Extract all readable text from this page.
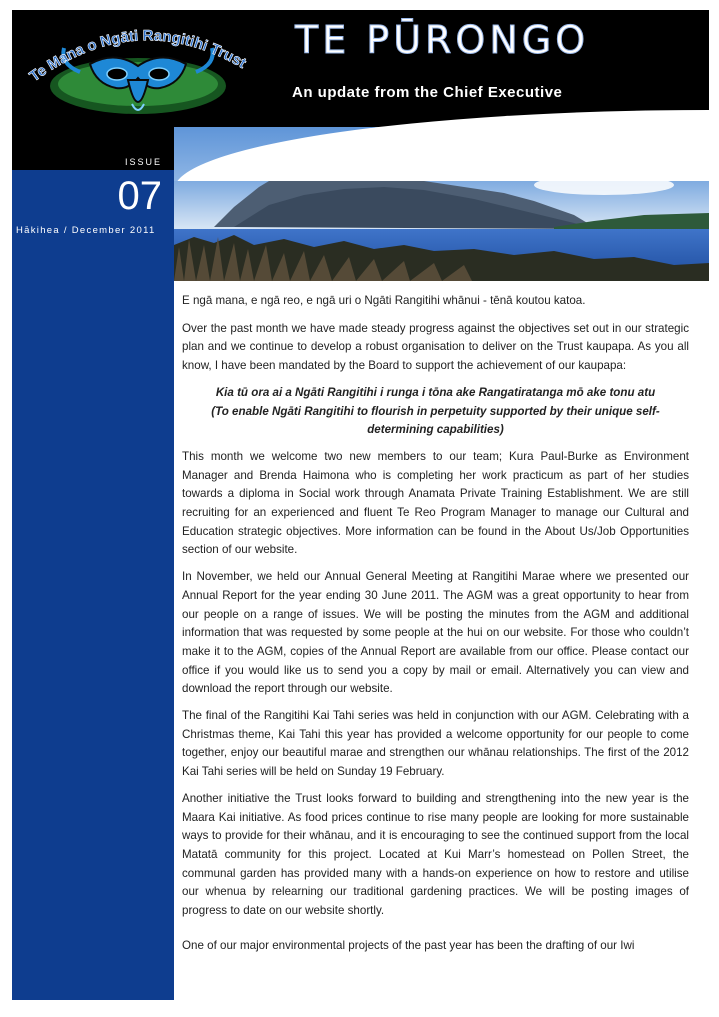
Te Mana o Ngāti Rangitihi Trust
TE PŪRONGO
An update from the Chief Executive
ISSUE
07
Hākihea / December 2011

E ngā mana, e ngā reo, e ngā uri o Ngāti Rangitihi whānui - tēnā koutou katoa.

Over the past month we have made steady progress against the objectives set out in our strategic plan and we continue to develop a robust organisation to deliver on the Trust kaupapa. As you all know, I have been mandated by the Board to support the achievement of our kaupapa:

Kia tū ora ai a Ngāti Rangitihi i runga i tōna ake Rangatiratanga mō ake tonu atu
(To enable Ngāti Rangitihi to flourish in perpetuity supported by their unique self-determining capabilities)

This month we welcome two new members to our team; Kura Paul-Burke as Environment Manager and Brenda Haimona who is completing her work practicum as part of her studies towards a diploma in Social work through Anamata Private Training Establishment. We are still recruiting for an experienced and fluent Te Reo Program Manager to manage our Cultural and Education strategic objectives. More information can be found in the About Us/Job Opportunities section of our website.

In November, we held our Annual General Meeting at Rangitihi Marae where we presented our Annual Report for the year ending 30 June 2011. The AGM was a great opportunity to hear from our people on a range of issues. We will be posting the minutes from the AGM and additional information that was requested by some people at the hui on our website. For those who couldn’t make it to the AGM, copies of the Annual Report are available from our office. Please contact our office if you would like us to send you a copy by mail or email. Alternatively you can view and download the report through our website.

The final of the Rangitihi Kai Tahi series was held in conjunction with our AGM. Celebrating with a Christmas theme, Kai Tahi this year has provided a welcome opportunity for our people to come together, enjoy our beautiful marae and strengthen our whānau relationships. The first of the 2012 Kai Tahi series will be held on Sunday 19 February.

Another initiative the Trust looks forward to building and strengthening into the new year is the Maara Kai initiative. As food prices continue to rise many people are looking for more sustainable ways to provide for their whānau, and it is encouraging to see the continued support from the local Matatā community for this project. Located at Kui Marr’s homestead on Pollen Street, the communal garden has provided many with a hands-on experience on how to restore and utilise our whenua by relearning our traditional gardening practices. We will be posting images of progress to date on our website shortly.

One of our major environmental projects of the past year has been the drafting of our Iwi
